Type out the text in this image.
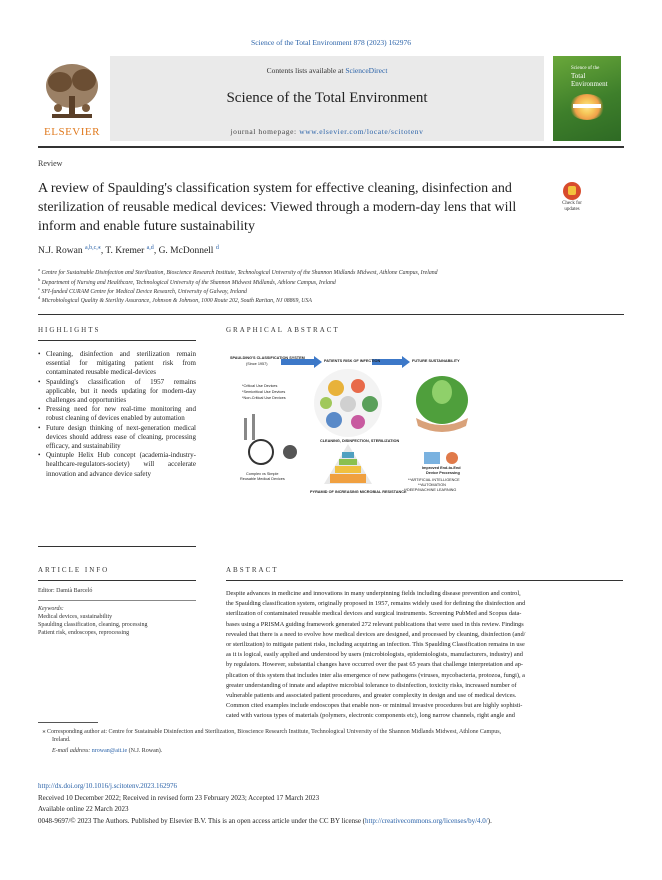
Science of the Total Environment 878 (2023) 162976
ELSEVIER
Contents lists available at ScienceDirect
Science of the Total Environment
journal homepage: www.elsevier.com/locate/scitotenv
Science of the
Total Environment
Review
A review of Spaulding's classification system for effective cleaning, disinfection and sterilization of reusable medical devices: Viewed through a modern-day lens that will inform and enable future sustainability
Check for
updates
N.J. Rowan $^{a,b,c,⁎}$, T. Kremer $^{a,d}$, G. McDonnell $^d$
$^a$ Centre for Sustainable Disinfection and Sterilization, Bioscience Research Institute, Technological University of the Shannon Midlands Midwest, Athlone Campus, Ireland
$^b$ Department of Nursing and Healthcare, Technological University of the Shannon Midwest Midlands, Athlone Campus, Ireland
$^c$ SFI-funded CURAM Centre for Medical Device Research, University of Galway, Ireland
$^d$ Microbiological Quality & Sterility Assurance, Johnson & Johnson, 1000 Route 202, South Raritan, NJ 08869, USA
HIGHLIGHTS
• Cleaning, disinfection and sterilization remain essential for mitigating patient risk from contaminated reusable medical-devices
• Spaulding's classification of 1957 remains applicable, but it needs updating for modern-day challenges and opportunities
• Pressing need for new real-time monitoring and robust cleaning of devices enabled by automation
• Future design thinking of next-generation medical devices should address ease of cleaning, processing efficacy, and sustainability
• Quintuple Helix Hub concept (academia-industry-healthcare-regulators-society) will accelerate innovation and advance device safety
GRAPHICAL ABSTRACT
SPAULDING'S CLASSIFICATION SYSTEM
(Since 1957)
PATIENTS RISK OF INFECTION	FUTURE SUSTAINABILITY
*Critical Use Devices
*Semicritical Use Devices
*Non-Critical Use Devices
CLEANING, DISINFECTION, STERILIZATION
Complex vs Simple
Reusable Medical Devices
PYRAMID OF INCREASING MICROBIAL RESISTANCE
Improved End-to-End
Device Processing
**ARTIFICIAL INTELLIGENCE
**AUTOMATION
**DEEP/MACHINE LEARNING
ARTICLE INFO
Editor: Damià Barceló
Keywords:
Medical devices, sustainability
Spaulding classification, cleaning, processing
Patient risk, endoscopes, reprocessing
ABSTRACT
Despite advances in medicine and innovations in many underpinning fields including disease prevention and control,
the Spaulding classification system, originally proposed in 1957, remains widely used for defining the disinfection and
sterilization of contaminated reusable medical devices and surgical instruments. Screening PubMed and Scopus data-
bases using a PRISMA guiding framework generated 272 relevant publications that were used in this review. Findings
revealed that there is a need to evolve how medical devices are designed, and processed by cleaning, disinfection (and/
or sterilization) to mitigate patient risks, including acquiring an infection. This Spaulding Classification remains in use
as it is logical, easily applied and understood by users (microbiologists, epidemiologists, manufacturers, industry) and
by regulators. However, substantial changes have occurred over the past 65 years that challenge interpretation and ap-
plication of this system that includes inter alia emergence of new pathogens (viruses, mycobacteria, protozoa, fungi), a
greater understanding of innate and adaptive microbial tolerance to disinfection, toxicity risks, increased number of
vulnerable patients and associated patient procedures, and greater complexity in design and use of medical devices.
Common cited examples include endoscopes that enable non- or minimal invasive procedures but are highly sophisti-
cated with various types of materials (polymers, electronic components etc), long narrow channels, right angle and
⁎ Corresponding author at: Centre for Sustainable Disinfection and Sterilization, Bioscience Research Institute, Technological University of the Shannon Midlands Midwest, Athlone Campus,
Ireland.
E-mail address: nrowan@ait.ie (N.J. Rowan).
http://dx.doi.org/10.1016/j.scitotenv.2023.162976
Received 10 December 2022; Received in revised form 23 February 2023; Accepted 17 March 2023
Available online 22 March 2023
0048-9697/© 2023 The Authors. Published by Elsevier B.V. This is an open access article under the CC BY license (http://creativecommons.org/licenses/by/4.0/).
